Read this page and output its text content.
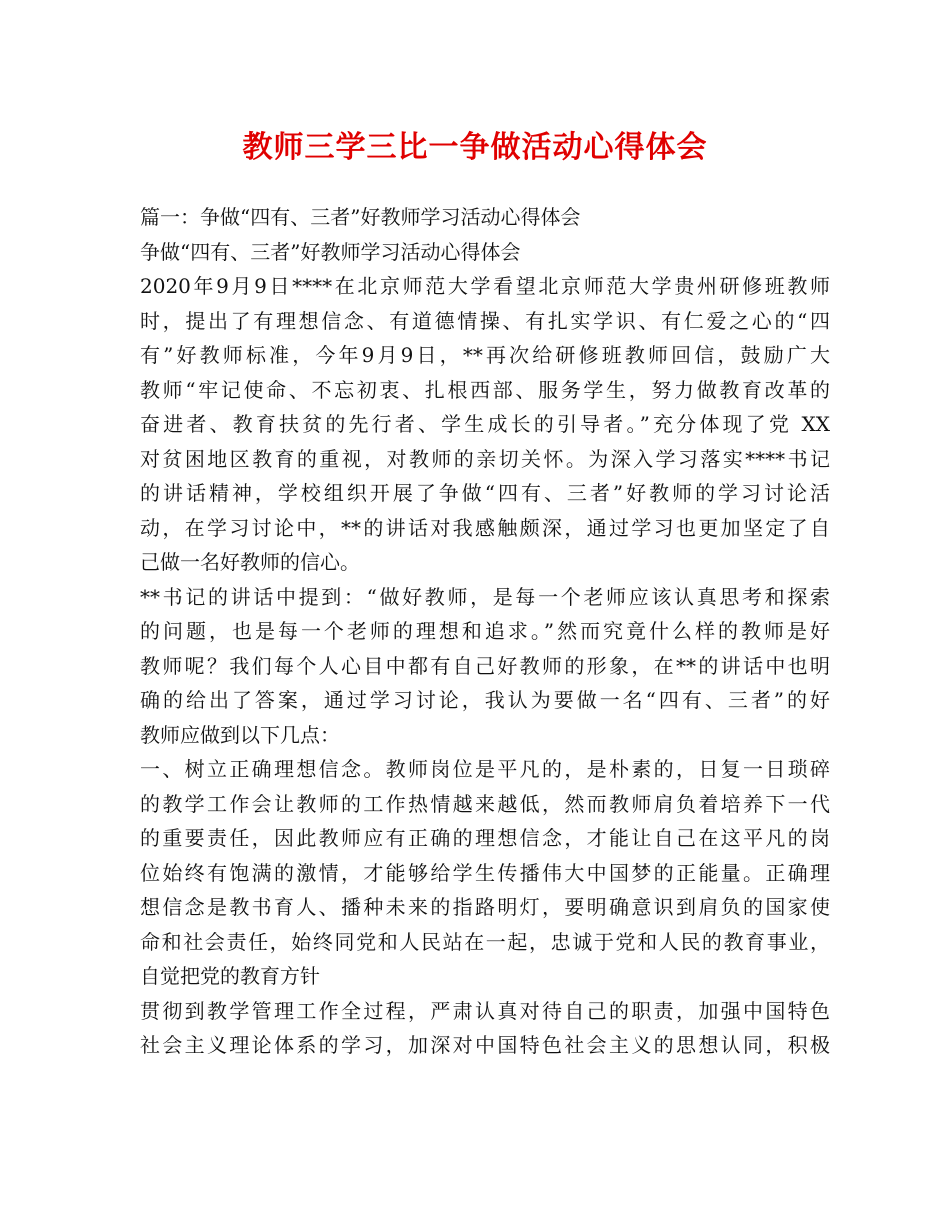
教师三学三比一争做活动心得体会
篇一：争做“四有、三者”好教师学习活动心得体会
争做“四有、三者”好教师学习活动心得体会
2020年9月9日****在北京师范大学看望北京师范大学贵州研修班教师
时，提出了有理想信念、有道德情操、有扎实学识、有仁爱之心的“四
有”好教师标准，今年9月9日，**再次给研修班教师回信，鼓励广大
教师“牢记使命、不忘初衷、扎根西部、服务学生，努力做教育改革的
奋进者、教育扶贫的先行者、学生成长的引导者。”充分体现了党 XX
对贫困地区教育的重视，对教师的亲切关怀。为深入学习落实****书记
的讲话精神，学校组织开展了争做“四有、三者”好教师的学习讨论活
动，在学习讨论中，**的讲话对我感触颇深，通过学习也更加坚定了自
己做一名好教师的信心。
**书记的讲话中提到：“做好教师，是每一个老师应该认真思考和探索
的问题，也是每一个老师的理想和追求。”然而究竟什么样的教师是好
教师呢？我们每个人心目中都有自己好教师的形象，在**的讲话中也明
确的给出了答案，通过学习讨论，我认为要做一名“四有、三者”的好
教师应做到以下几点：
一、树立正确理想信念。教师岗位是平凡的，是朴素的，日复一日琐碎
的教学工作会让教师的工作热情越来越低，然而教师肩负着培养下一代
的重要责任，因此教师应有正确的理想信念，才能让自己在这平凡的岗
位始终有饱满的激情，才能够给学生传播伟大中国梦的正能量。正确理
想信念是教书育人、播种未来的指路明灯，要明确意识到肩负的国家使
命和社会责任，始终同党和人民站在一起，忠诚于党和人民的教育事业，
自觉把党的教育方针
贯彻到教学管理工作全过程，严肃认真对待自己的职责，加强中国特色
社会主义理论体系的学习，加深对中国特色社会主义的思想认同，积极
